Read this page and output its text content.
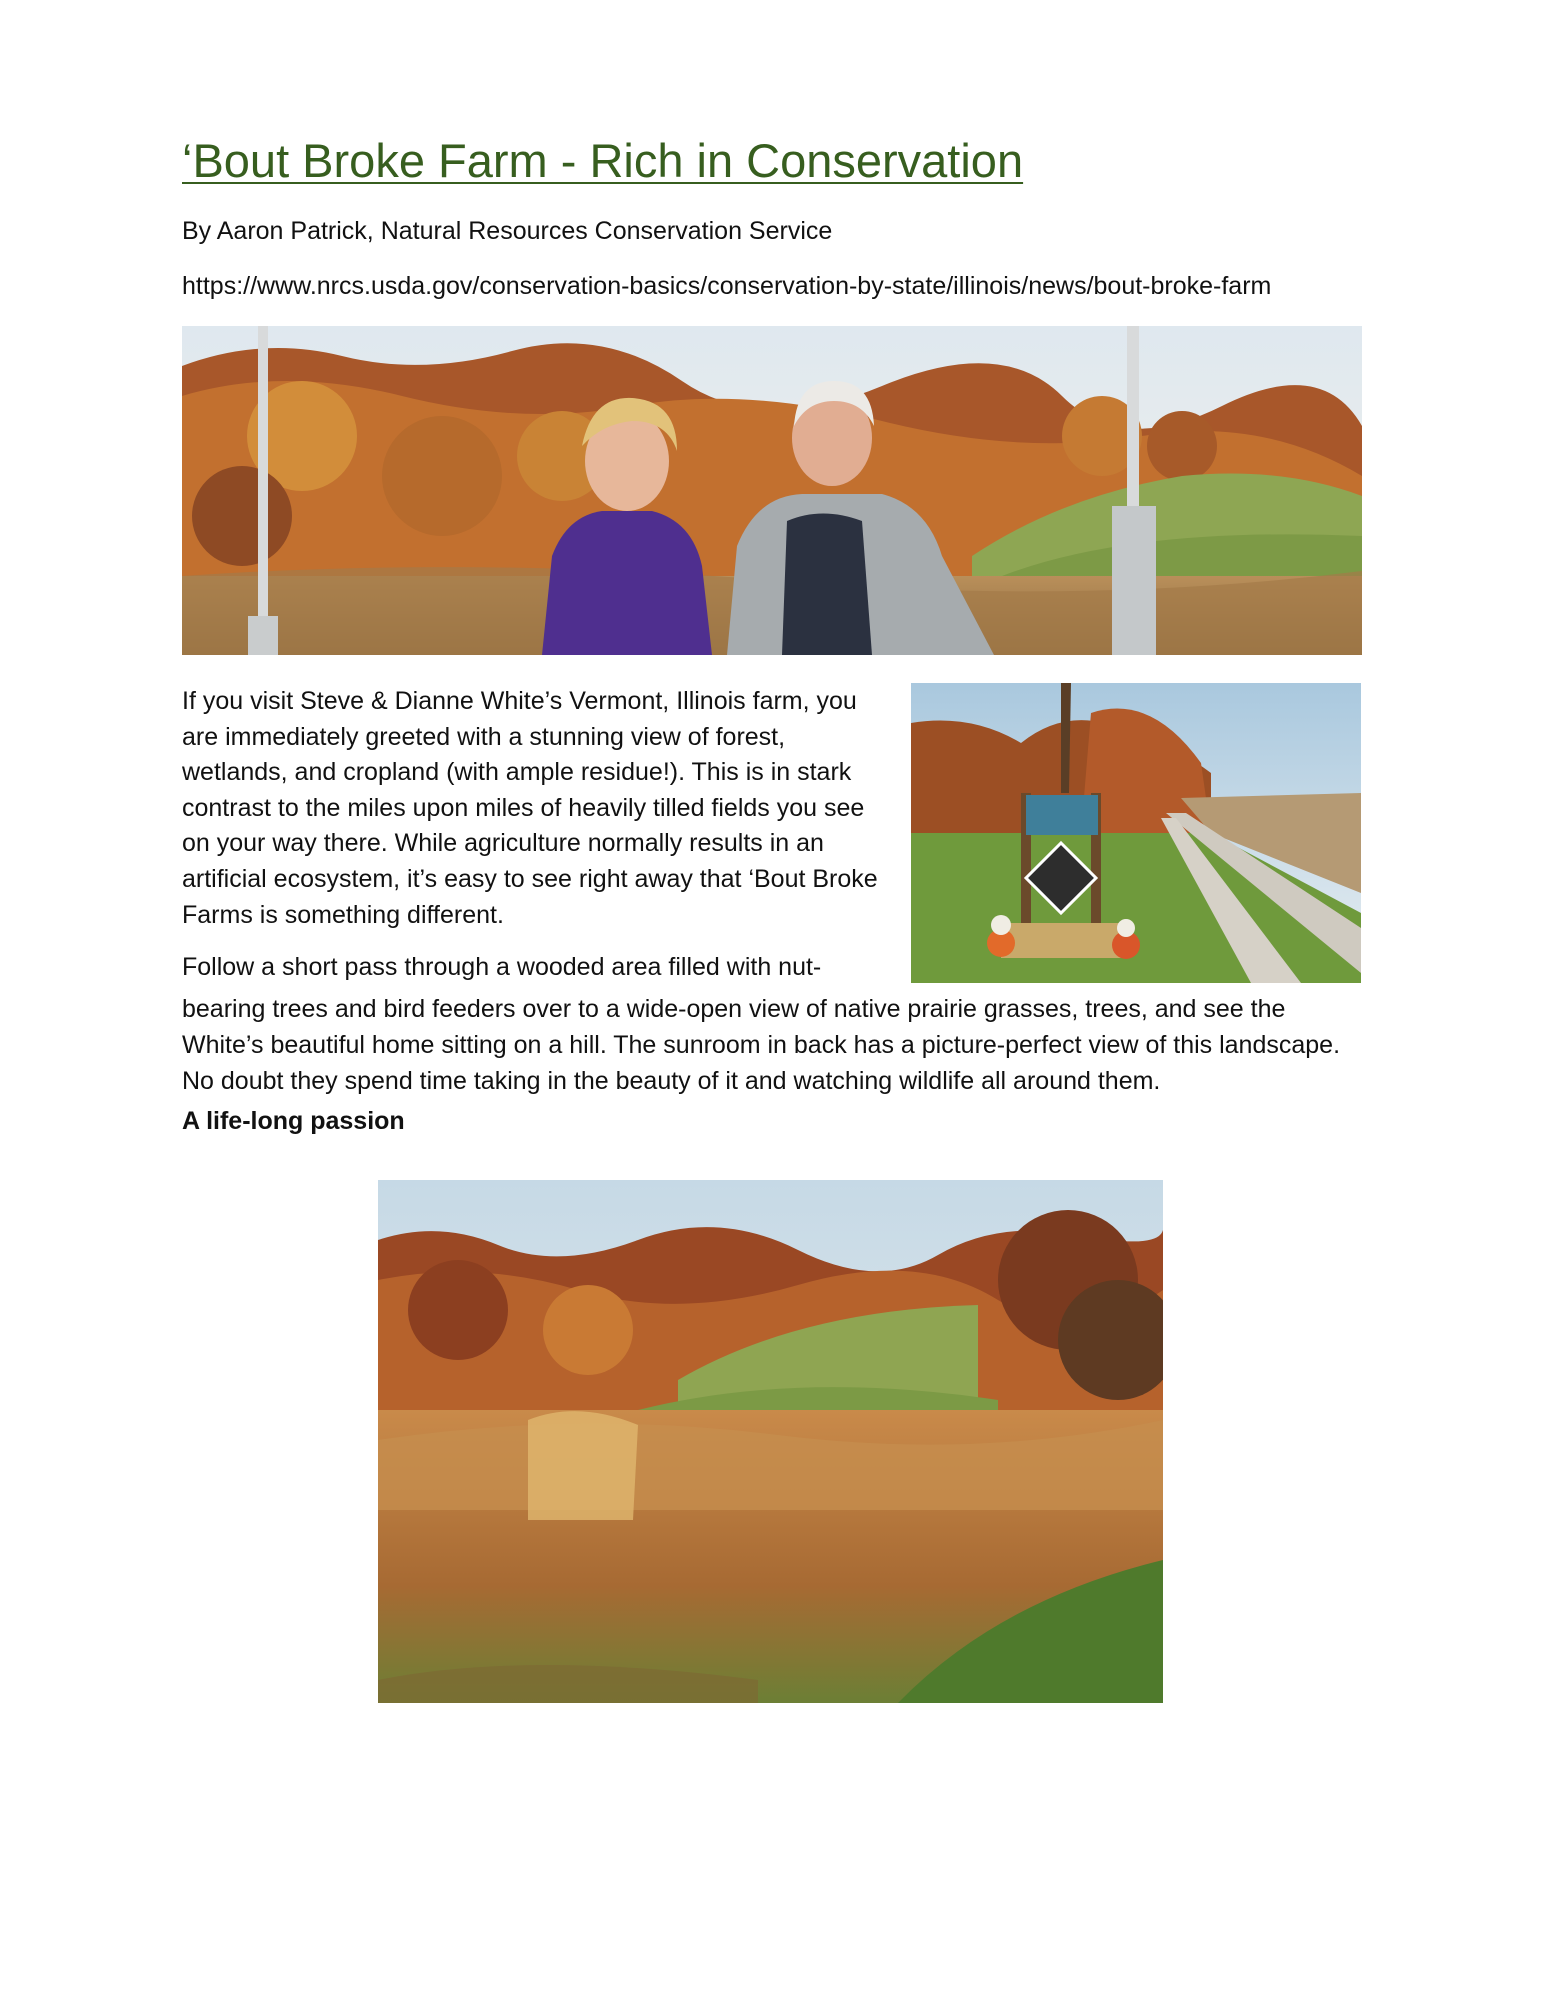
‘Bout Broke Farm - Rich in Conservation
By Aaron Patrick, Natural Resources Conservation Service
https://www.nrcs.usda.gov/conservation-basics/conservation-by-state/illinois/news/bout-broke-farm

If you visit Steve & Dianne White’s Vermont, Illinois farm, you are immediately greeted with a stunning view of forest, wetlands, and cropland (with ample residue!). This is in stark contrast to the miles upon miles of heavily tilled fields you see on your way there. While agriculture normally results in an artificial ecosystem, it’s easy to see right away that ‘Bout Broke Farms is something different.

Follow a short pass through a wooded area filled with nut-

bearing trees and bird feeders over to a wide-open view of native prairie grasses, trees, and see the White’s beautiful home sitting on a hill. The sunroom in back has a picture-perfect view of this landscape. No doubt they spend time taking in the beauty of it and watching wildlife all around them.

A life-long passion
